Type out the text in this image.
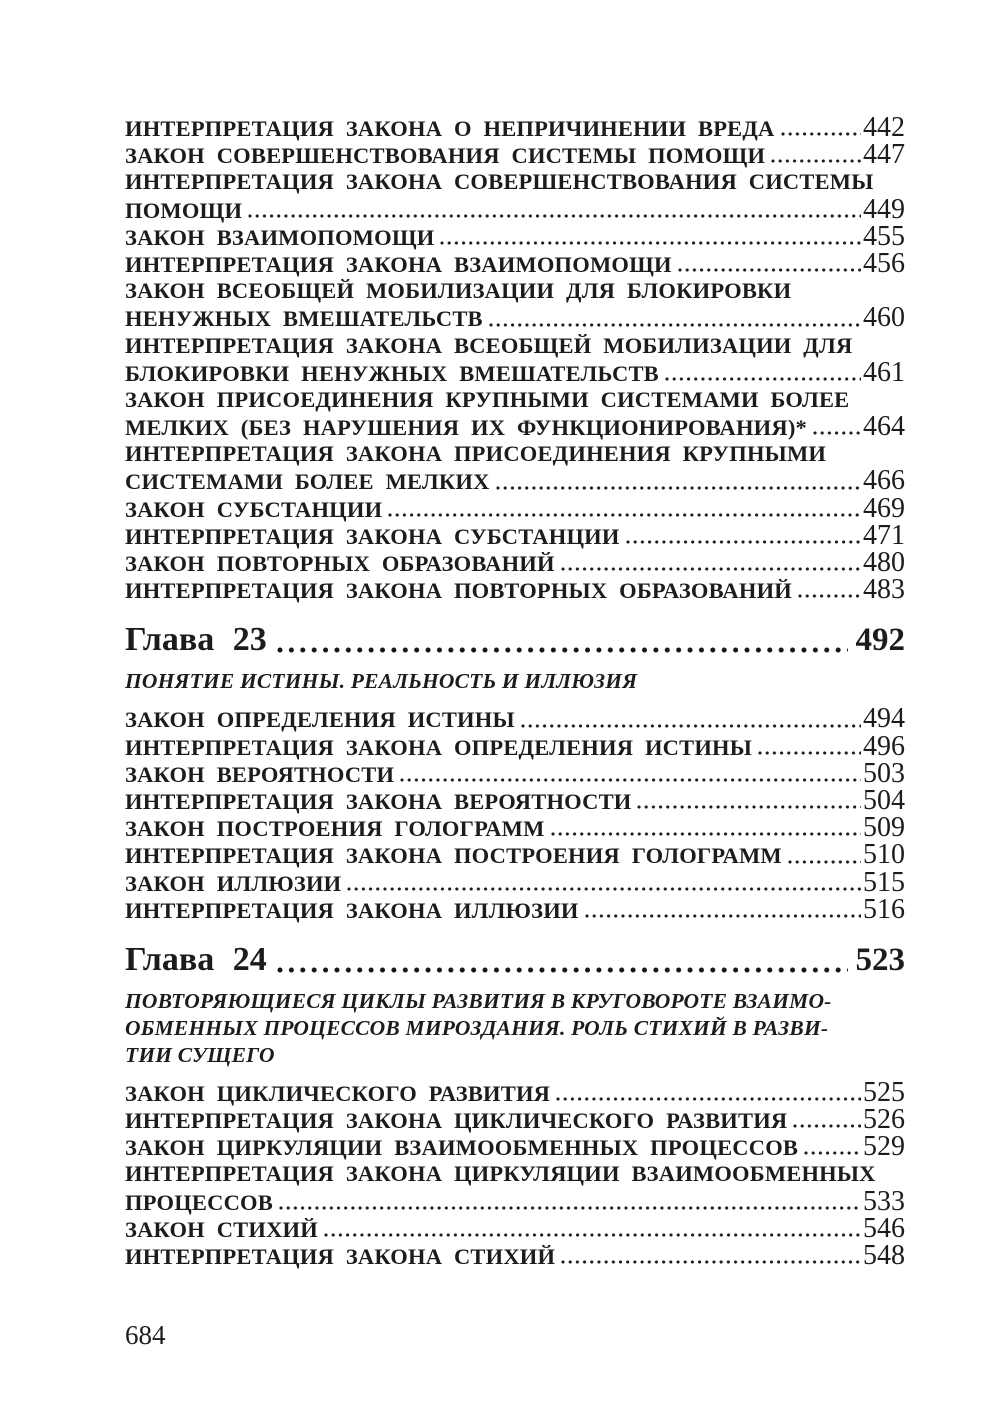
ИНТЕРПРЕТАЦИЯ ЗАКОНА О НЕПРИЧИНЕНИИ ВРЕДА	442
ЗАКОН СОВЕРШЕНСТВОВАНИЯ СИСТЕМЫ ПОМОЩИ	447
ИНТЕРПРЕТАЦИЯ ЗАКОНА СОВЕРШЕНСТВОВАНИЯ СИСТЕМЫ
ПОМОЩИ	449
ЗАКОН ВЗАИМОПОМОЩИ	455
ИНТЕРПРЕТАЦИЯ ЗАКОНА ВЗАИМОПОМОЩИ	456
ЗАКОН ВСЕОБЩЕЙ МОБИЛИЗАЦИИ ДЛЯ БЛОКИРОВКИ
НЕНУЖНЫХ ВМЕШАТЕЛЬСТВ	460
ИНТЕРПРЕТАЦИЯ ЗАКОНА ВСЕОБЩЕЙ МОБИЛИЗАЦИИ ДЛЯ
БЛОКИРОВКИ НЕНУЖНЫХ ВМЕШАТЕЛЬСТВ	461
ЗАКОН ПРИСОЕДИНЕНИЯ КРУПНЫМИ СИСТЕМАМИ БОЛЕЕ
МЕЛКИХ (БЕЗ НАРУШЕНИЯ ИХ ФУНКЦИОНИРОВАНИЯ)* 464
ИНТЕРПРЕТАЦИЯ ЗАКОНА ПРИСОЕДИНЕНИЯ КРУПНЫМИ
СИСТЕМАМИ БОЛЕЕ МЕЛКИХ	466
ЗАКОН СУБСТАНЦИИ	469
ИНТЕРПРЕТАЦИЯ ЗАКОНА СУБСТАНЦИИ	471
ЗАКОН ПОВТОРНЫХ ОБРАЗОВАНИЙ	480
ИНТЕРПРЕТАЦИЯ ЗАКОНА ПОВТОРНЫХ ОБРАЗОВАНИЙ	483
Глава 23	492
ПОНЯТИЕ ИСТИНЫ. РЕАЛЬНОСТЬ И ИЛЛЮЗИЯ
ЗАКОН ОПРЕДЕЛЕНИЯ ИСТИНЫ	494
ИНТЕРПРЕТАЦИЯ ЗАКОНА ОПРЕДЕЛЕНИЯ ИСТИНЫ	496
ЗАКОН ВЕРОЯТНОСТИ	503
ИНТЕРПРЕТАЦИЯ ЗАКОНА ВЕРОЯТНОСТИ	504
ЗАКОН ПОСТРОЕНИЯ ГОЛОГРАММ	509
ИНТЕРПРЕТАЦИЯ ЗАКОНА ПОСТРОЕНИЯ ГОЛОГРАММ	510
ЗАКОН ИЛЛЮЗИИ	515
ИНТЕРПРЕТАЦИЯ ЗАКОНА ИЛЛЮЗИИ	516
Глава 24	523
ПОВТОРЯЮЩИЕСЯ ЦИКЛЫ РАЗВИТИЯ В КРУГОВОРОТЕ ВЗАИМО-
ОБМЕННЫХ ПРОЦЕССОВ МИРОЗДАНИЯ. РОЛЬ СТИХИЙ В РАЗВИ-
ТИИ СУЩЕГО
ЗАКОН ЦИКЛИЧЕСКОГО РАЗВИТИЯ	525
ИНТЕРПРЕТАЦИЯ ЗАКОНА ЦИКЛИЧЕСКОГО РАЗВИТИЯ	526
ЗАКОН ЦИРКУЛЯЦИИ ВЗАИМООБМЕННЫХ ПРОЦЕССОВ 529
ИНТЕРПРЕТАЦИЯ ЗАКОНА ЦИРКУЛЯЦИИ ВЗАИМООБМЕННЫХ
ПРОЦЕССОВ	533
ЗАКОН СТИХИЙ	546
ИНТЕРПРЕТАЦИЯ ЗАКОНА СТИХИЙ	548
684
